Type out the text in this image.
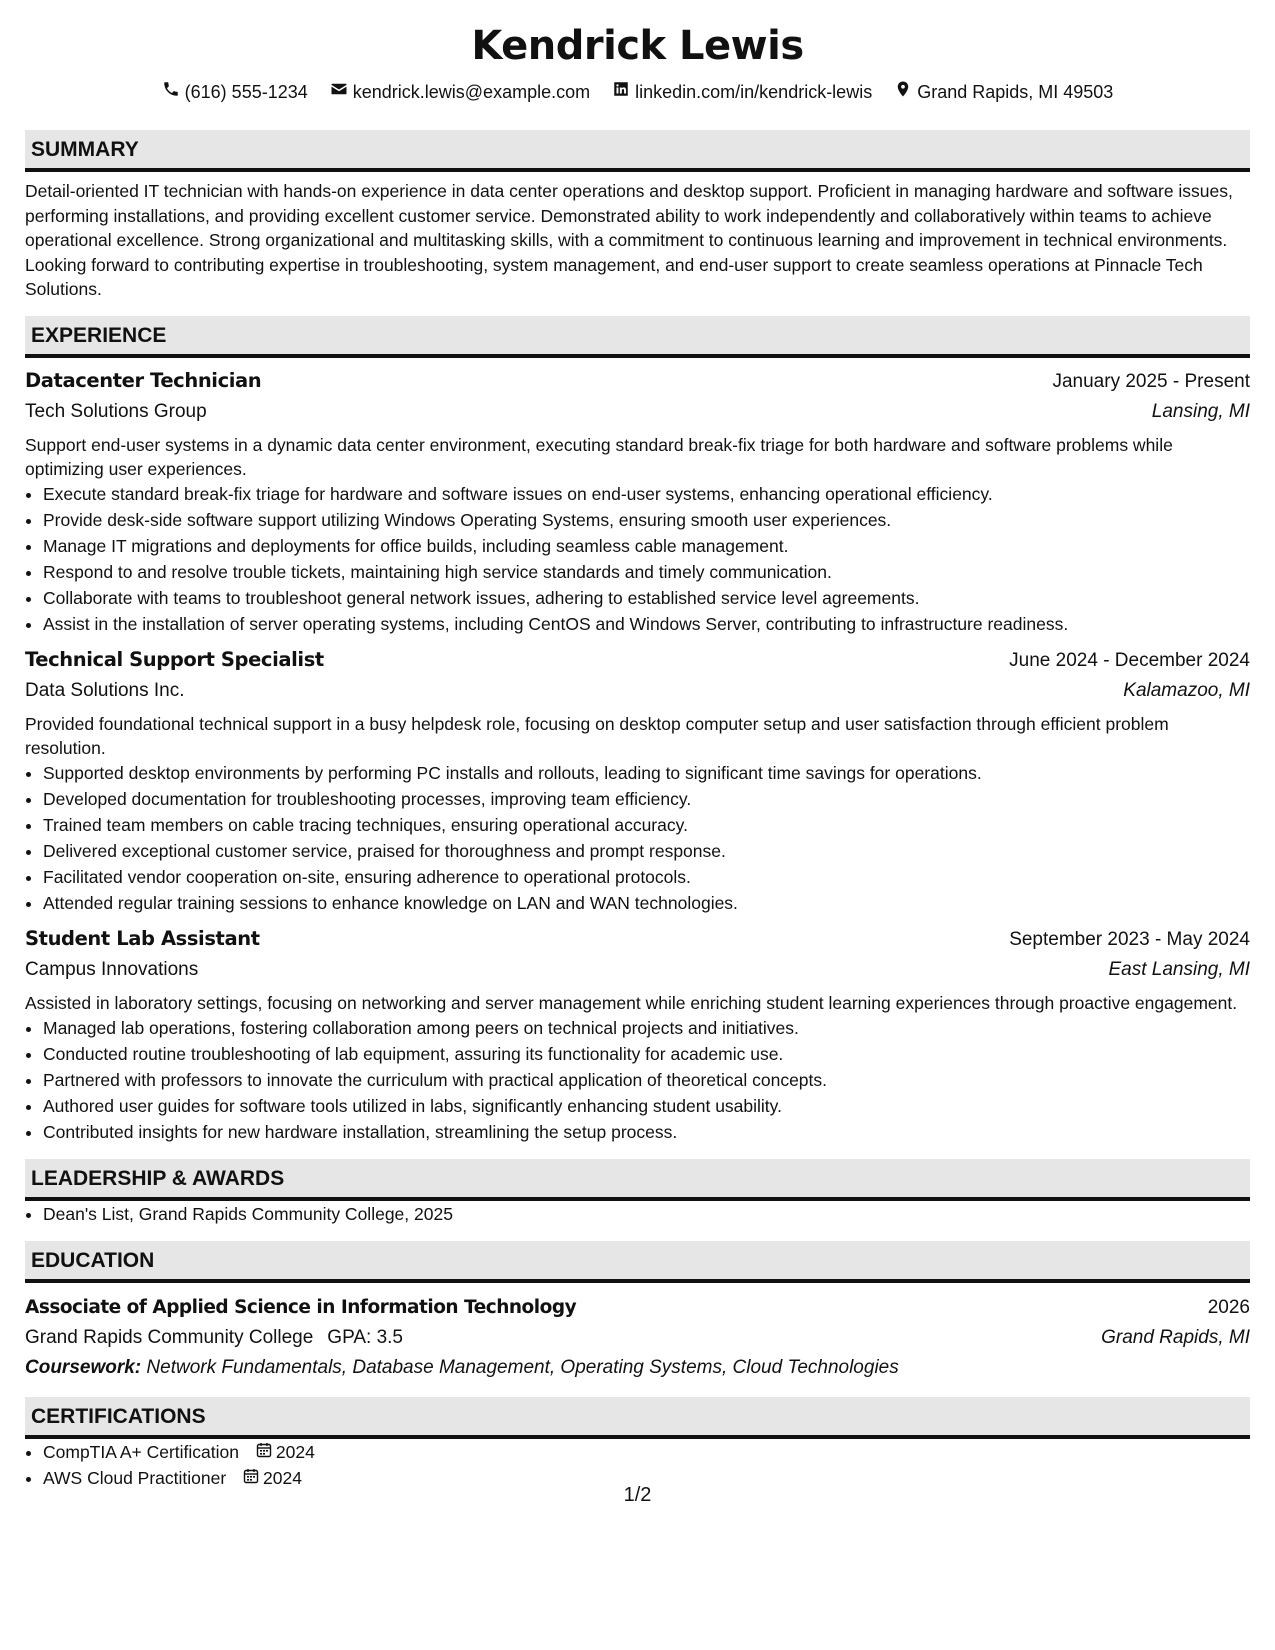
Kendrick Lewis
(616) 555-1234	kendrick.lewis@example.com	linkedin.com/in/kendrick-lewis	Grand Rapids, MI 49503
SUMMARY

Detail-oriented IT technician with hands-on experience in data center operations and desktop support. Proficient in managing hardware and software issues, performing installations, and providing excellent customer service. Demonstrated ability to work independently and collaboratively within teams to achieve operational excellence. Strong organizational and multitasking skills, with a commitment to continuous learning and improvement in technical environments. Looking forward to contributing expertise in troubleshooting, system management, and end-user support to create seamless operations at Pinnacle Tech Solutions.

EXPERIENCE
Datacenter Technician	January 2025 - Present
Tech Solutions Group	Lansing, MI

Support end-user systems in a dynamic data center environment, executing standard break-fix triage for both hardware and software problems while optimizing user experiences.

• Execute standard break-fix triage for hardware and software issues on end-user systems, enhancing operational efficiency.
• Provide desk-side software support utilizing Windows Operating Systems, ensuring smooth user experiences.
• Manage IT migrations and deployments for office builds, including seamless cable management.
• Respond to and resolve trouble tickets, maintaining high service standards and timely communication.
• Collaborate with teams to troubleshoot general network issues, adhering to established service level agreements.
• Assist in the installation of server operating systems, including CentOS and Windows Server, contributing to infrastructure readiness.
Technical Support Specialist	June 2024 - December 2024
Data Solutions Inc.	Kalamazoo, MI

Provided foundational technical support in a busy helpdesk role, focusing on desktop computer setup and user satisfaction through efficient problem resolution.

• Supported desktop environments by performing PC installs and rollouts, leading to significant time savings for operations.
• Developed documentation for troubleshooting processes, improving team efficiency.
• Trained team members on cable tracing techniques, ensuring operational accuracy.
• Delivered exceptional customer service, praised for thoroughness and prompt response.
• Facilitated vendor cooperation on-site, ensuring adherence to operational protocols.
• Attended regular training sessions to enhance knowledge on LAN and WAN technologies.
Student Lab Assistant	September 2023 - May 2024
Campus Innovations	East Lansing, MI

Assisted in laboratory settings, focusing on networking and server management while enriching student learning experiences through proactive engagement.

• Managed lab operations, fostering collaboration among peers on technical projects and initiatives.
• Conducted routine troubleshooting of lab equipment, assuring its functionality for academic use.
• Partnered with professors to innovate the curriculum with practical application of theoretical concepts.
• Authored user guides for software tools utilized in labs, significantly enhancing student usability.
• Contributed insights for new hardware installation, streamlining the setup process.
LEADERSHIP & AWARDS
• Dean's List, Grand Rapids Community College, 2025
EDUCATION
Associate of Applied Science in Information Technology	2026
Grand Rapids Community College GPA: 3.5	Grand Rapids, MI
Coursework: Network Fundamentals, Database Management, Operating Systems, Cloud Technologies
CERTIFICATIONS
• CompTIA A+ Certification 2024
• AWS Cloud Practitioner 2024
1/2
